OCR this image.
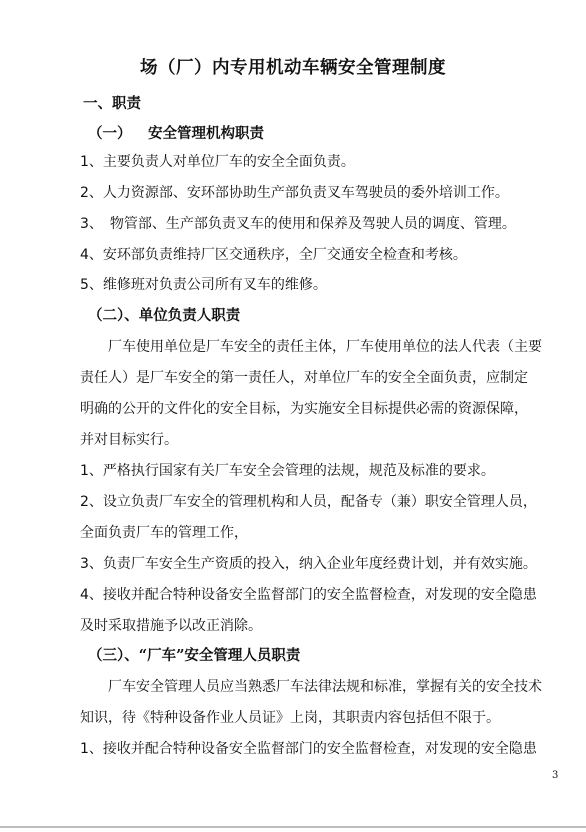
场（厂）内专用机动车辆安全管理制度
一、职责
（一） 安全管理机构职责
1、主要负责人对单位厂车的安全全面负责。
2、人力资源部、安环部协助生产部负责叉车驾驶员的委外培训工作。
3、　物管部、生产部负责叉车的使用和保养及驾驶人员的调度、管理。
4、安环部负责维持厂区交通秩序，全厂交通安全检查和考核。
5、维修班对负责公司所有叉车的维修。
（二）、单位负责人职责
厂车使用单位是厂车安全的责任主体，厂车使用单位的法人代表（主要
责任人）是厂车安全的第一责任人，对单位厂车的安全全面负责，应制定
明确的公开的文件化的安全目标，为实施安全目标提供必需的资源保障，
并对目标实行。
1、严格执行国家有关厂车安全会管理的法规，规范及标准的要求。
2、设立负责厂车安全的管理机构和人员，配备专（兼）职安全管理人员，
全面负责厂车的管理工作，
3、负责厂车安全生产资质的投入，纳入企业年度经费计划，并有效实施。
4、接收并配合特种设备安全监督部门的安全监督检查，对发现的安全隐患
及时采取措施予以改正消除。
（三）、“厂车”安全管理人员职责
厂车安全管理人员应当熟悉厂车法律法规和标准，掌握有关的安全技术
知识，待《特种设备作业人员证》上岗，其职责内容包括但不限于。
1、接收并配合特种设备安全监督部门的安全监督检查，对发现的安全隐患
3
